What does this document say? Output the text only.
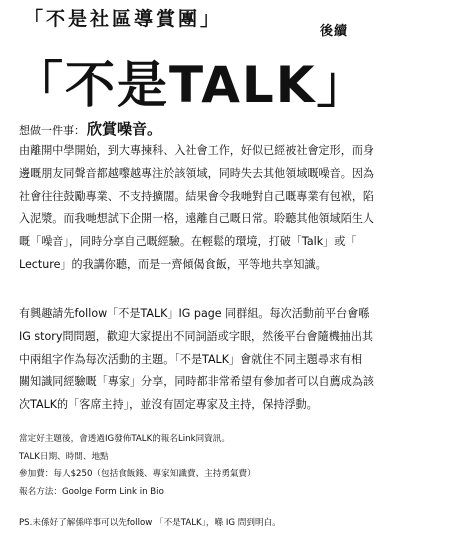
「不是社區導賞團」
後續
「不是TALK」
想做一件事： 欣賞噪音。
由離開中學開始，到大專揀科、入社會工作，好似已經被社會定形，而身
邊嘅朋友同聲音都越嚟越專注於該領域，同時失去其他領域嘅噪音。因為
社會往往鼓勵專業、不支持擴闊。結果會令我哋對自己嘅專業有包袱，陷
入泥漿。而我哋想試下企開一格，遠離自己嘅日常。聆聽其他領域陌生人
嘅「噪音」，同時分享自己嘅經驗。在輕鬆的環境，打破「Talk」或「
Lecture」的我講你聽，而是一齊傾偈食飯，平等地共享知識。
有興趣請先follow「不是TALK」IG page 同群組。每次活動前平台會喺
IG story問問題，歡迎大家提出不同詞語或字眼，然後平台會隨機抽出其
中兩組字作為每次活動的主題。「不是TALK」會就住不同主題尋求有相
關知識同經驗嘅「專家」分享，同時都非常希望有參加者可以自薦成為該
次TALK的「客席主持」，並沒有固定專家及主持，保持浮動。
當定好主題後，會透過IG發佈TALK的報名Link同資訊。
TALK日期、時間、地點
參加費：每人$250（包括食飯錢、專家知識費、主持勇氣費）
報名方法：Goolge Form Link in Bio
PS.未係好了解係咩事可以先follow 「不是TALK」，喺 IG 問到明白。
